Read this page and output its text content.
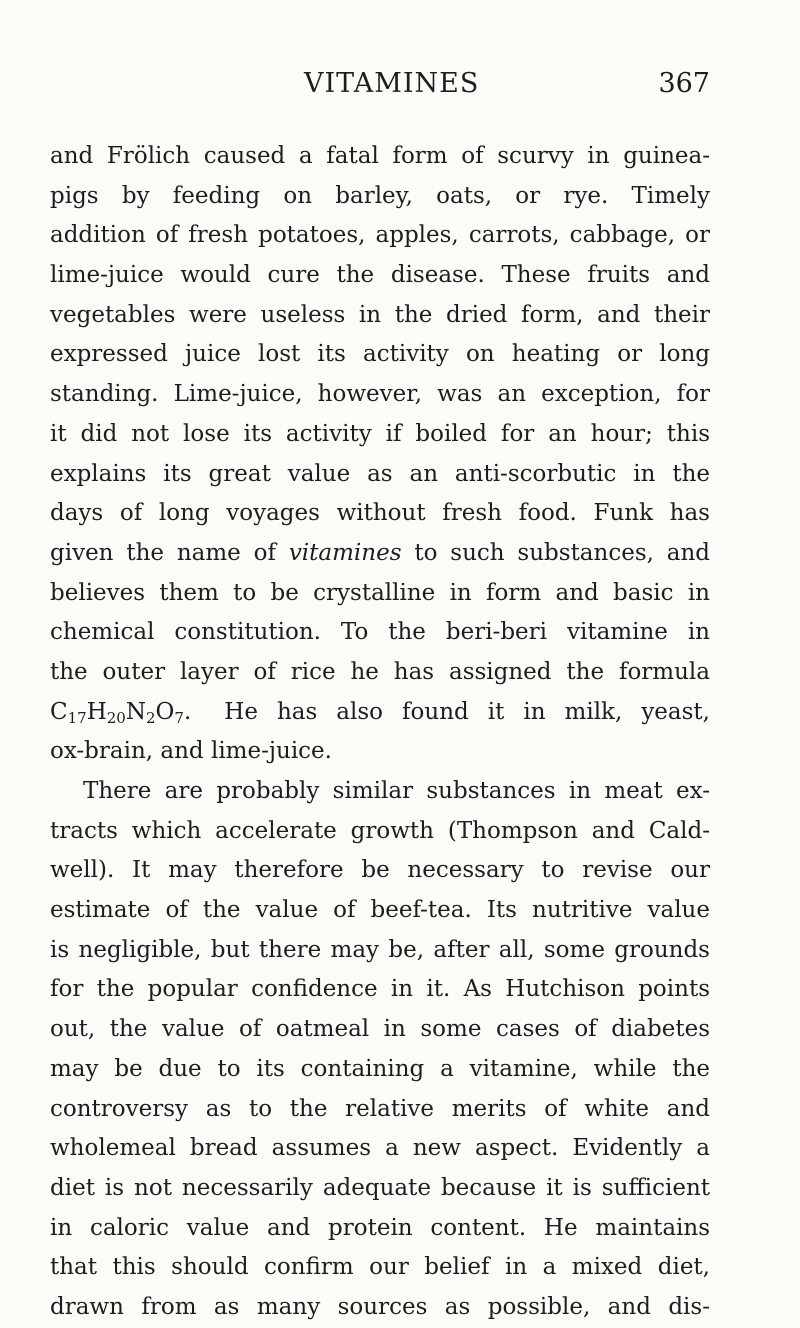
VITAMINES	367
and Frölich caused a fatal form of scurvy in guinea-
pigs by feeding on barley, oats, or rye. Timely
addition of fresh potatoes, apples, carrots, cabbage, or
lime-juice would cure the disease. These fruits and
vegetables were useless in the dried form, and their
expressed juice lost its activity on heating or long
standing. Lime-juice, however, was an exception, for
it did not lose its activity if boiled for an hour; this
explains its great value as an anti-scorbutic in the
days of long voyages without fresh food. Funk has
given the name of vitamines to such substances, and
believes them to be crystalline in form and basic in
chemical constitution. To the beri-beri vitamine in
the outer layer of rice he has assigned the formula
$C_{17}H_{20}N_2O_7$. He has also found it in milk, yeast,
ox-brain, and lime-juice.
There are probably similar substances in meat ex-
tracts which accelerate growth (Thompson and Cald-
well). It may therefore be necessary to revise our
estimate of the value of beef-tea. Its nutritive value
is negligible, but there may be, after all, some grounds
for the popular confidence in it. As Hutchison points
out, the value of oatmeal in some cases of diabetes
may be due to its containing a vitamine, while the
controversy as to the relative merits of white and
wholemeal bread assumes a new aspect. Evidently a
diet is not necessarily adequate because it is sufficient
in caloric value and protein content. He maintains
that this should confirm our belief in a mixed diet,
drawn from as many sources as possible, and dis-
